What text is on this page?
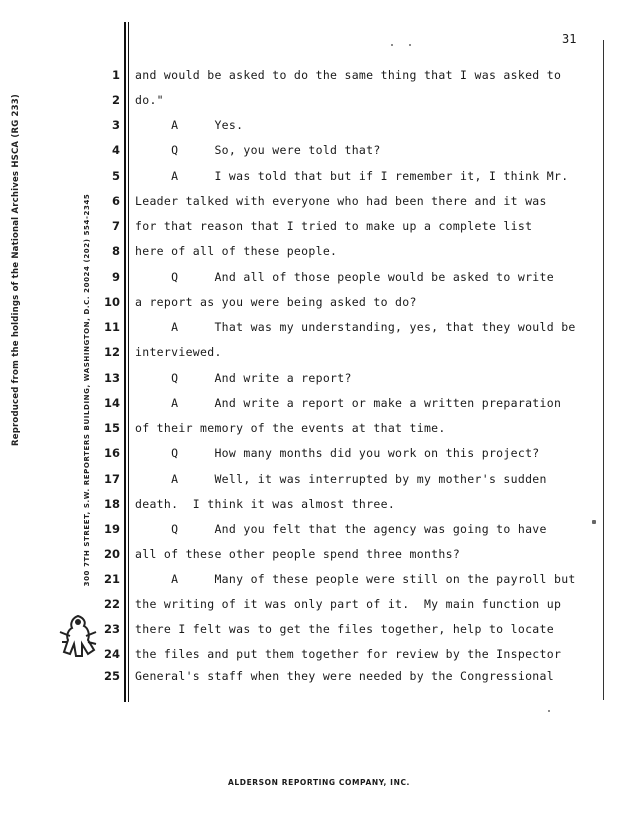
Reproduced from the holdings of the National Archives HSCA (RG 233)	300 7TH STREET, S.W. REPORTERS BUILDING, WASHINGTON, D.C. 20024 (202) 554-2345
31
1 and would be asked to do the same thing that I was asked to
2 do."
3 A     Yes.
4 Q     So, you were told that?
5 A     I was told that but if I remember it, I think Mr.
6 Leader talked with everyone who had been there and it was
7 for that reason that I tried to make up a complete list
8 here of all of these people.
9 Q     And all of those people would be asked to write
10 a report as you were being asked to do?
11 A     That was my understanding, yes, that they would be
12 interviewed.
13 Q     And write a report?
14 A     And write a report or make a written preparation
15 of their memory of the events at that time.
16 Q     How many months did you work on this project?
17 A     Well, it was interrupted by my mother's sudden
18 death.  I think it was almost three.
19 Q     And you felt that the agency was going to have
20 all of these other people spend three months?
21 A     Many of these people were still on the payroll but
22 the writing of it was only part of it.  My main function up
23 there I felt was to get the files together, help to locate
24 the files and put them together for review by the Inspector
25 General's staff when they were needed by the Congressional
ALDERSON REPORTING COMPANY, INC.
